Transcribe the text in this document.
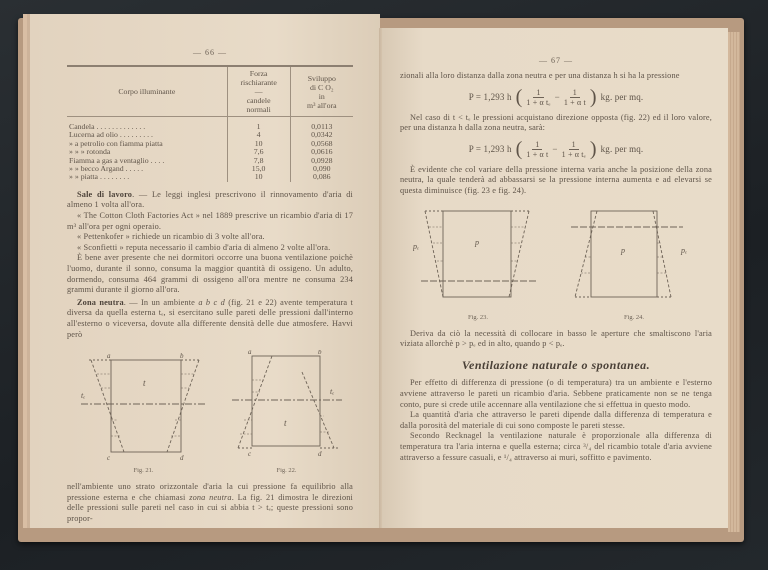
— 66 —
Corpo illuminante	
Forza
rischiarante
—
candele
normali

Sviluppo
di C O₂
in
m³ all'ora

Candela . . . . . . . . . . . . .	1	0,0113
Lucerna ad olio . . . . . . . . .	4	0,0342
» a petrolio con fiamma piatta	10	0,0568
» » » rotonda	7,6	0,0616
Fiamma a gas a ventaglio . . . .	7,8	0,0928
» » becco Argand . . . . .	15,0	0,090
» » piatta . . . . . . . .	10	0,086

Sale di lavoro. — Le leggi inglesi prescrivono il rinnovamento d'aria di almeno 1 volta all'ora.

« The Cotton Cloth Factories Act » nel 1889 prescrive un ricambio d'aria di 17 m³ all'ora per ogni operaio.

« Pettenkofer » richiede un ricambio di 3 volte all'ora.

« Sconfietti » reputa necessario il cambio d'aria di almeno 2 volte all'ora.

È bene aver presente che nei dormitori occorre una buona ventilazione poichè l'uomo, durante il sonno, consuma la maggior quantità di ossigeno. Un adulto, dormendo, consuma 464 grammi di ossigeno all'ora mentre ne consuma 234 grammi durante il giorno all'ora.

Zona neutra. — In un ambiente a b c d (fig. 21 e 22) avente temperatura t diversa da quella esterna tₑ, si esercitano sulle pareti delle pressioni dall'interno all'esterno o viceversa, dovute alla differente densità delle due atmosfere. Havvi però

a	b
c	d
t
tₑ
Fig. 21.
a	b
c	d
t
tₑ
Fig. 22.

nell'ambiente uno strato orizzontale d'aria la cui pressione fa equilibrio alla pressione esterna e che chiamasi zona neutra. La fig. 21 dimostra le direzioni delle pressioni sulle pareti nel caso in cui si abbia t > tₑ; queste pressioni sono propor-

— 67 —

zionali alla loro distanza dalla zona neutra e per una distanza h si ha la pressione

P = 1,293 h ( $\frac{1}{\text{1 + α tₑ}} - \frac{1}{\text{1 + α t}}$ ) kg. per mq.

Nel caso di t < tₑ le pressioni acquistano direzione opposta (fig. 22) ed il loro valore, per una distanza h dalla zona neutra, sarà:

P = 1,293 h ( $\frac{1}{\text{1 + α t}} - \frac{1}{\text{1 + α tₑ}}$ ) kg. per mq.

È evidente che col variare della pressione interna varia anche la posizione della zona neutra, la quale tenderà ad abbassarsi se la pressione interna aumenta e ad elevarsi se questa diminuisce (fig. 23 e fig. 24).

p
pₑ
Fig. 23.
p	pₑ
Fig. 24.

Deriva da ciò la necessità di collocare in basso le aperture che smaltiscono l'aria viziata allorchè p > pₑ ed in alto, quando p < pₑ.

Ventilazione naturale o spontanea.

Per effetto di differenza di pressione (o di temperatura) tra un ambiente e l'esterno avviene attraverso le pareti un ricambio d'aria. Sebbene praticamente non se ne tenga conto, pure si crede utile accennare alla ventilazione che si effettua in questo modo.

La quantità d'aria che attraverso le pareti dipende dalla differenza di temperatura e dalla porosità del materiale di cui sono composte le pareti stesse.

Secondo Recknagel la ventilazione naturale è proporzionale alla differenza di temperatura tra l'aria interna e quella esterna; circa ³/₄ del ricambio totale d'aria avviene attraverso a fessure casuali, e ¹/₄ attraverso ai muri, soffitto e pavimento.
